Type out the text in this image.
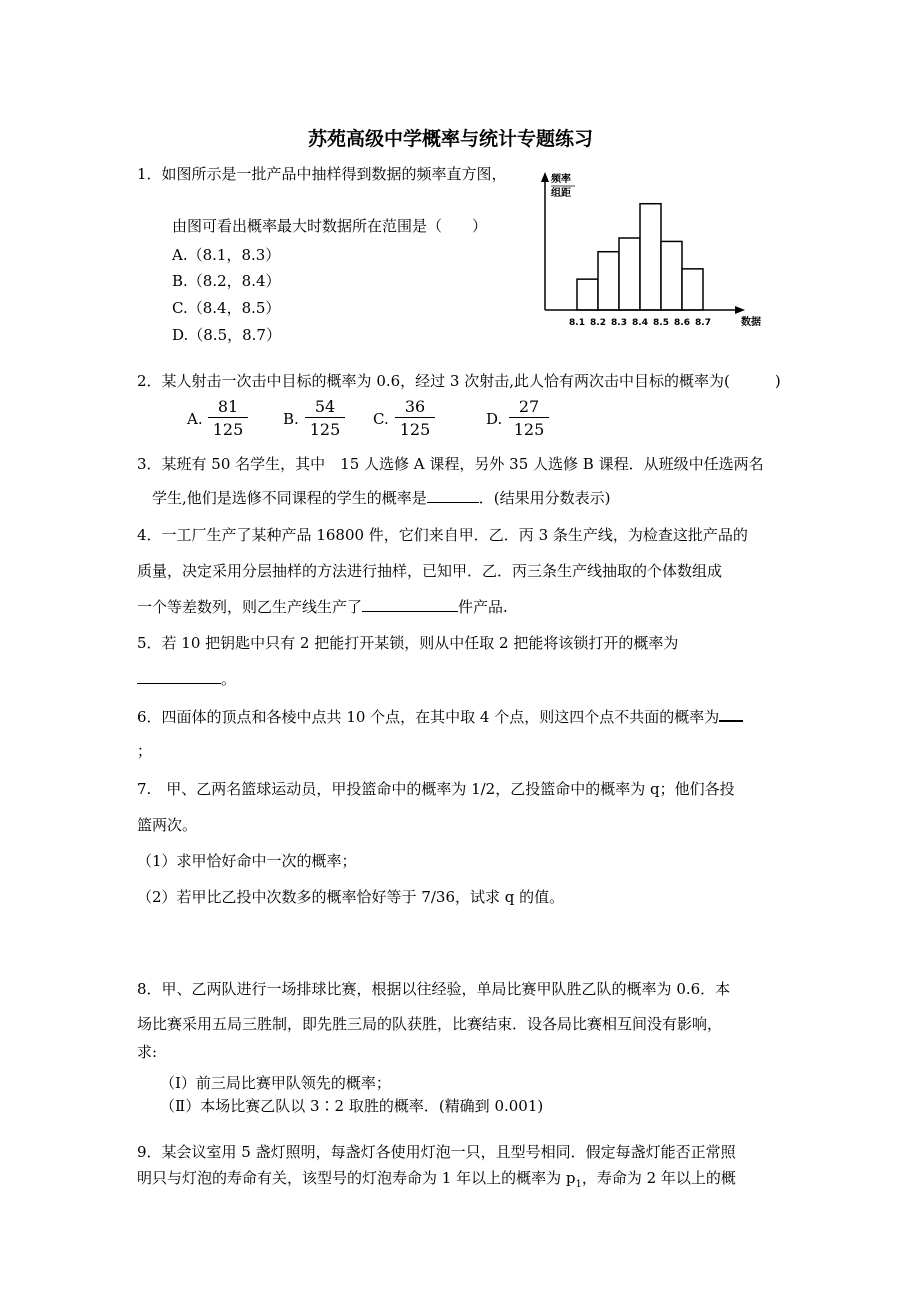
苏苑高级中学概率与统计专题练习
1．如图所示是一批产品中抽样得到数据的频率直方图，
由图可看出概率最大时数据所在范围是（　　）
A.（8.1，8.3）
B.（8.2，8.4）
C.（8.4，8.5）
D.（8.5，8.7）
频率
组距
8.1 8.2 8.3 8.4 8.5 8.6 8.7	数据
2．某人射击一次击中目标的概率为 0.6，经过 3 次射击,此人恰有两次击中目标的概率为(　　　)
A. $\frac{81}{125} B$. $\frac{54}{125} C$. $\frac{36}{125}$	D. $\frac{27}{125}$
3．某班有 50 名学生，其中　15 人选修 A 课程，另外 35 人选修 B 课程．从班级中任选两名
学生,他们是选修不同课程的学生的概率是	．(结果用分数表示)
4．一工厂生产了某种产品 16800 件，它们来自甲．乙．丙 3 条生产线，为检查这批产品的
质量，决定采用分层抽样的方法进行抽样，已知甲．乙．丙三条生产线抽取的个体数组成
一个等差数列，则乙生产线生产了	件产品.
5．若 10 把钥匙中只有 2 把能打开某锁，则从中任取 2 把能将该锁打开的概率为
。
6．四面体的顶点和各棱中点共 10 个点，在其中取 4 个点，则这四个点不共面的概率为
；
7.　甲、乙两名篮球运动员，甲投篮命中的概率为 1/2，乙投篮命中的概率为 q；他们各投
篮两次。
（1）求甲恰好命中一次的概率；
（2）若甲比乙投中次数多的概率恰好等于 7/36，试求 q 的值。
8．甲、乙两队进行一场排球比赛，根据以往经验，单局比赛甲队胜乙队的概率为 0.6．本
场比赛采用五局三胜制，即先胜三局的队获胜，比赛结束．设各局比赛相互间没有影响，
求:
（Ⅰ）前三局比赛甲队领先的概率；
（Ⅱ）本场比赛乙队以 3∶2 取胜的概率．(精确到 0.001)
9．某会议室用 5 盏灯照明，每盏灯各使用灯泡一只，且型号相同．假定每盏灯能否正常照
明只与灯泡的寿命有关，该型号的灯泡寿命为 1 年以上的概率为 $p_1$，寿命为 2 年以上的概
